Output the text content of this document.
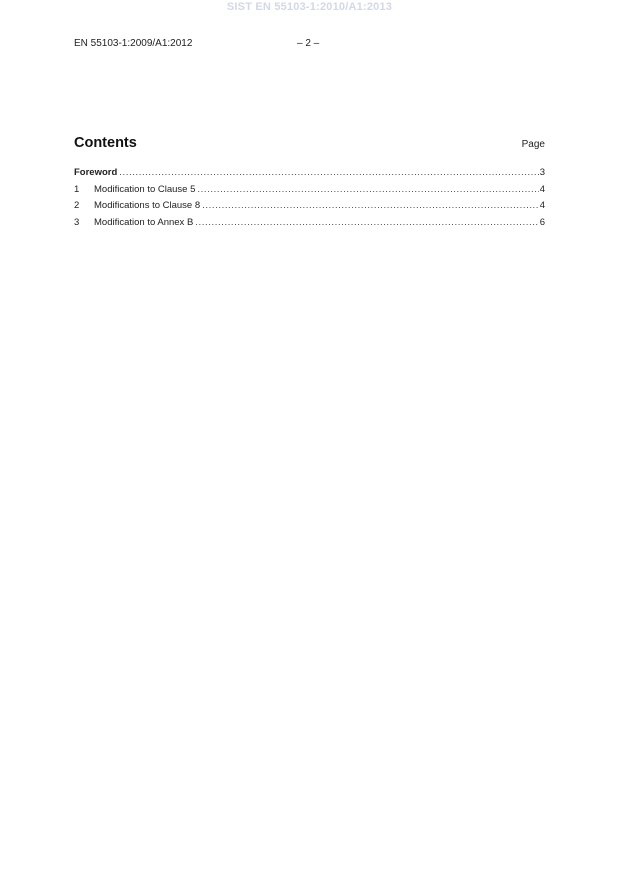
SIST EN 55103-1:2010/A1:2013
EN 55103-1:2009/A1:2012	– 2 –
Contents	Page
Foreword .....	3
1	Modification to Clause 5 .....	4
2	Modifications to Clause 8 .....	4
3	Modification to Annex B .....	6
